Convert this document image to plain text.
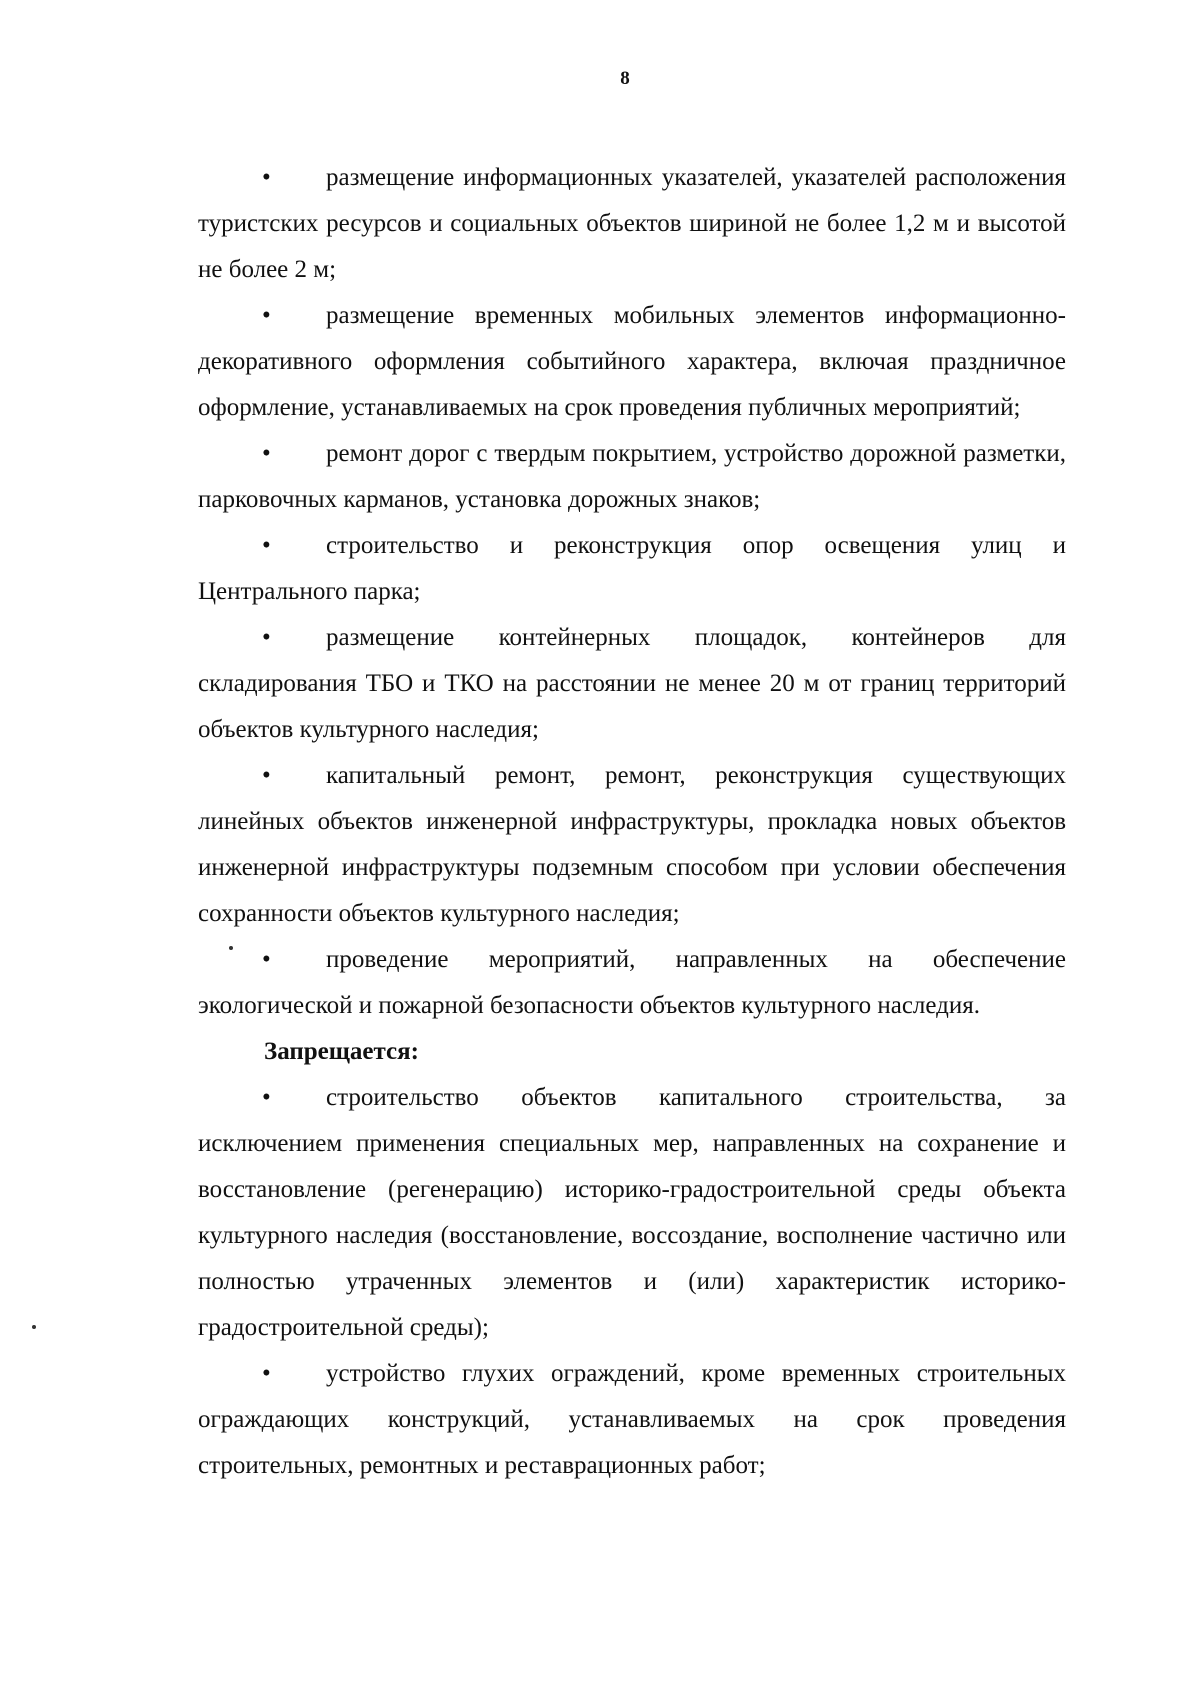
8

• размещение информационных указателей, указателей расположения туристских ресурсов и социальных объектов шириной не более 1,2 м и высотой не более 2 м;

• размещение временных мобильных элементов информационно-декоративного оформления событийного характера, включая праздничное оформление, устанавливаемых на срок проведения публичных мероприятий;

• ремонт дорог с твердым покрытием, устройство дорожной разметки, парковочных карманов, установка дорожных знаков;

• строительство и реконструкция опор освещения улиц и Центрального парка;

• размещение контейнерных площадок, контейнеров для складирования ТБО и ТКО на расстоянии не менее 20 м от границ территорий объектов культурного наследия;

• капитальный ремонт, ремонт, реконструкция существующих линейных объектов инженерной инфраструктуры, прокладка новых объектов инженерной инфраструктуры подземным способом при условии обеспечения сохранности объектов культурного наследия;

• проведение мероприятий, направленных на обеспечение экологической и пожарной безопасности объектов культурного наследия.

Запрещается:

• строительство объектов капитального строительства, за исключением применения специальных мер, направленных на сохранение и восстановление (регенерацию) историко-градостроительной среды объекта культурного наследия (восстановление, воссоздание, восполнение частично или полностью утраченных элементов и (или) характеристик историко-градостроительной среды);

• устройство глухих ограждений, кроме временных строительных ограждающих конструкций, устанавливаемых на срок проведения строительных, ремонтных и реставрационных работ;
